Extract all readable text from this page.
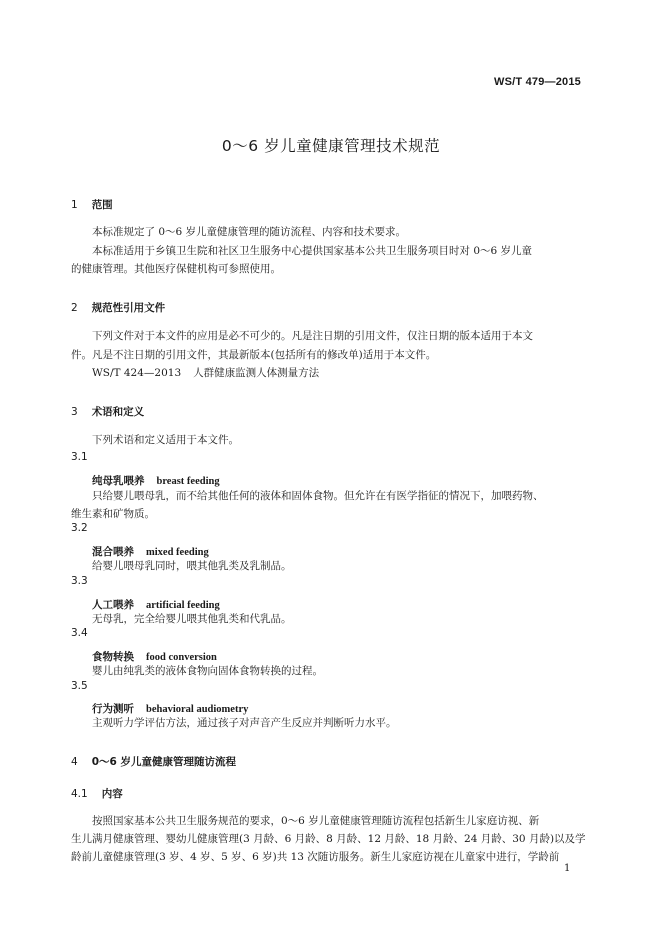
WS/T 479—2015
0～6 岁儿童健康管理技术规范
1 范围
本标准规定了 0～6 岁儿童健康管理的随访流程、内容和技术要求。
本标准适用于乡镇卫生院和社区卫生服务中心提供国家基本公共卫生服务项目时对 0～6 岁儿童
的健康管理。其他医疗保健机构可参照使用。
2 规范性引用文件
下列文件对于本文件的应用是必不可少的。凡是注日期的引用文件，仅注日期的版本适用于本文
件。凡是不注日期的引用文件，其最新版本(包括所有的修改单)适用于本文件。
WS/T 424—2013 人群健康监测人体测量方法
3 术语和定义
下列术语和定义适用于本文件。
3.1
纯母乳喂养 breast feeding
只给婴儿喂母乳，而不给其他任何的液体和固体食物。但允许在有医学指征的情况下，加喂药物、
维生素和矿物质。
3.2
混合喂养 mixed feeding
给婴儿喂母乳同时，喂其他乳类及乳制品。
3.3
人工喂养 artificial feeding
无母乳，完全给婴儿喂其他乳类和代乳品。
3.4
食物转换 food conversion
婴儿由纯乳类的液体食物向固体食物转换的过程。
3.5
行为测听 behavioral audiometry
主观听力学评估方法，通过孩子对声音产生反应并判断听力水平。
4 0～6 岁儿童健康管理随访流程
4.1 内容
按照国家基本公共卫生服务规范的要求，0～6 岁儿童健康管理随访流程包括新生儿家庭访视、新
生儿满月健康管理、婴幼儿健康管理(3 月龄、6 月龄、8 月龄、12 月龄、18 月龄、24 月龄、30 月龄)以及学
龄前儿童健康管理(3 岁、4 岁、5 岁、6 岁)共 13 次随访服务。新生儿家庭访视在儿童家中进行，学龄前
1
